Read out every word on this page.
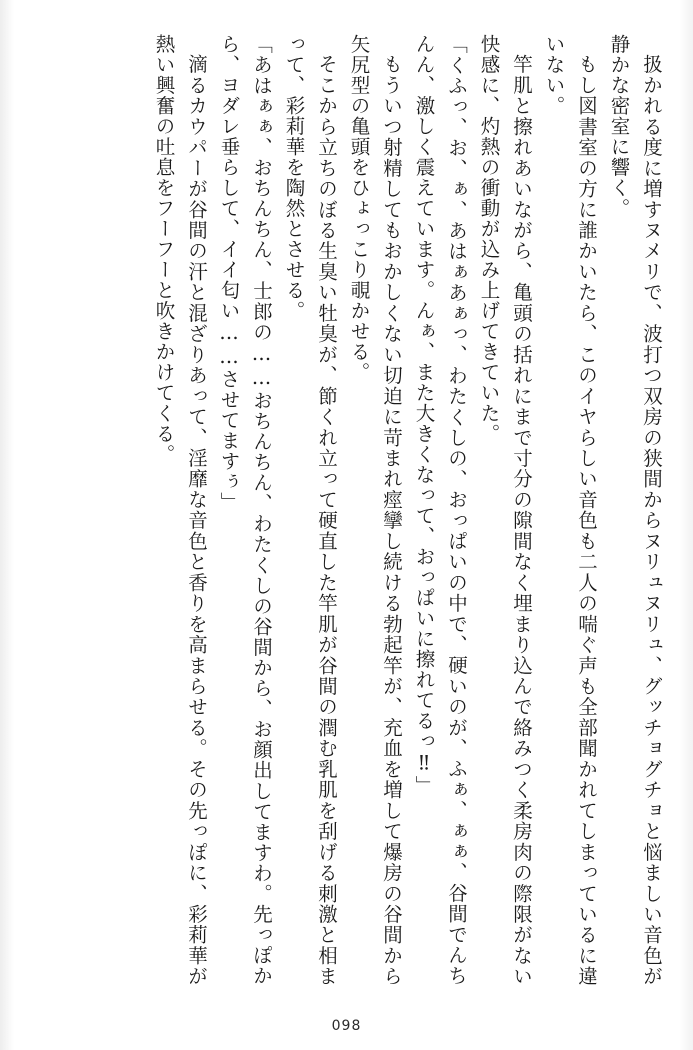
扱かれる度に増すヌメリで、波打つ双房の狭間からヌリュヌリュ、グッチョグチョと悩ましい音色が静かな密室に響く。

もし図書室の方に誰かいたら、このイヤらしい音色も二人の喘ぐ声も全部聞かれてしまっているに違いない。

竿肌と擦れあいながら、亀頭の括れにまで寸分の隙間なく埋まり込んで絡みつく柔房肉の際限がない快感に、灼熱の衝動が込み上げてきていた。

「くふっ、お、ぁ、あはぁあぁっ、わたくしの、おっぱいの中で、硬いのが、ふぁ、ぁぁ、谷間でんちんん、激しく震えています。んぁ、また大きくなって、おっぱいに擦れてるっ‼」

もういつ射精してもおかしくない切迫に苛まれ痙攣し続ける勃起竿が、充血を増して爆房の谷間から矢尻型の亀頭をひょっこり覗かせる。

そこから立ちのぼる生臭い牡臭が、節くれ立って硬直した竿肌が谷間の潤む乳肌を刮げる刺激と相まって、彩莉華を陶然とさせる。

「あはぁぁ、おちんちん、士郎の……おちんちん、わたくしの谷間から、お顔出してますわ。先っぽから、ヨダレ垂らして、イイ匂い……させてますぅ」

滴るカウパーが谷間の汗と混ざりあって、淫靡な音色と香りを高まらせる。その先っぽに、彩莉華が熱い興奮の吐息をフーフーと吹きかけてくる。

098
